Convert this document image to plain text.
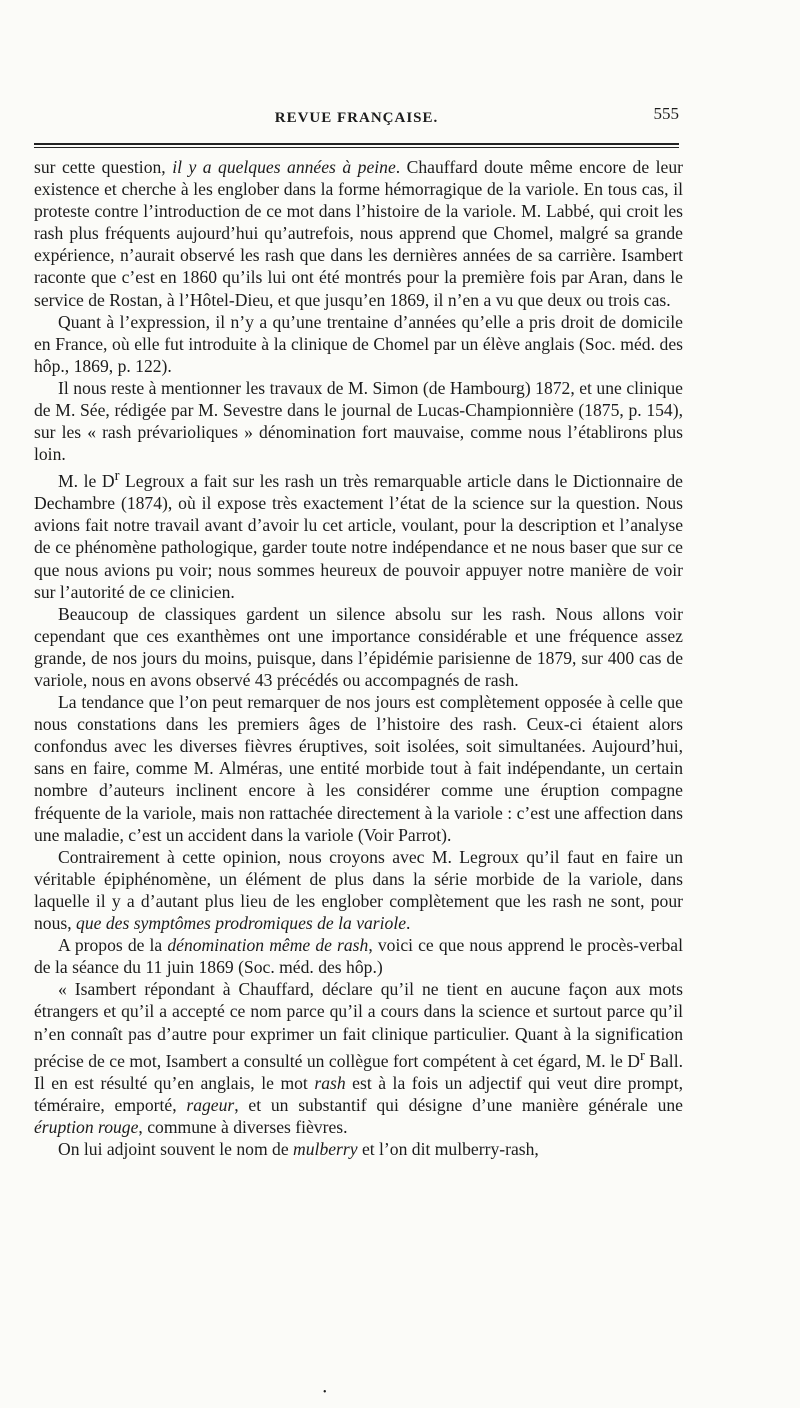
REVUE FRANÇAISE.	555

sur cette question, il y a quelques années à peine. Chauffard doute même encore de leur existence et cherche à les englober dans la forme hémorragique de la variole. En tous cas, il proteste contre l’introduction de ce mot dans l’histoire de la variole. M. Labbé, qui croit les rash plus fréquents aujourd’hui qu’autrefois, nous apprend que Chomel, malgré sa grande expérience, n’aurait observé les rash que dans les dernières années de sa carrière. Isambert raconte que c’est en 1860 qu’ils lui ont été montrés pour la première fois par Aran, dans le service de Rostan, à l’Hôtel-Dieu, et que jusqu’en 1869, il n’en a vu que deux ou trois cas.

Quant à l’expression, il n’y a qu’une trentaine d’années qu’elle a pris droit de domicile en France, où elle fut introduite à la clinique de Chomel par un élève anglais (Soc. méd. des hôp., 1869, p. 122).

Il nous reste à mentionner les travaux de M. Simon (de Hambourg) 1872, et une clinique de M. Sée, rédigée par M. Sevestre dans le journal de Lucas-Championnière (1875, p. 154), sur les « rash prévarioliques » dénomination fort mauvaise, comme nous l’établirons plus loin.

M. le $D^r$ Legroux a fait sur les rash un très remarquable article dans le Dictionnaire de Dechambre (1874), où il expose très exactement l’état de la science sur la question. Nous avions fait notre travail avant d’avoir lu cet article, voulant, pour la description et l’analyse de ce phénomène pathologique, garder toute notre indépendance et ne nous baser que sur ce que nous avions pu voir; nous sommes heureux de pouvoir appuyer notre manière de voir sur l’autorité de ce clinicien.

Beaucoup de classiques gardent un silence absolu sur les rash. Nous allons voir cependant que ces exanthèmes ont une importance considérable et une fréquence assez grande, de nos jours du moins, puisque, dans l’épidémie parisienne de 1879, sur 400 cas de variole, nous en avons observé 43 précédés ou accompagnés de rash.

La tendance que l’on peut remarquer de nos jours est complètement opposée à celle que nous constations dans les premiers âges de l’histoire des rash. Ceux-ci étaient alors confondus avec les diverses fièvres éruptives, soit isolées, soit simultanées. Aujourd’hui, sans en faire, comme M. Alméras, une entité morbide tout à fait indépendante, un certain nombre d’auteurs inclinent encore à les considérer comme une éruption compagne fréquente de la variole, mais non rattachée directement à la variole : c’est une affection dans une maladie, c’est un accident dans la variole (Voir Parrot).

Contrairement à cette opinion, nous croyons avec M. Legroux qu’il faut en faire un véritable épiphénomène, un élément de plus dans la série morbide de la variole, dans laquelle il y a d’autant plus lieu de les englober complètement que les rash ne sont, pour nous, que des symptômes prodromiques de la variole.

A propos de la dénomination même de rash, voici ce que nous apprend le procès-verbal de la séance du 11 juin 1869 (Soc. méd. des hôp.)

« Isambert répondant à Chauffard, déclare qu’il ne tient en aucune façon aux mots étrangers et qu’il a accepté ce nom parce qu’il a cours dans la science et surtout parce qu’il n’en connaît pas d’autre pour exprimer un fait clinique particulier. Quant à la signification précise de ce mot, Isambert a consulté un collègue fort compétent à cet égard, M. le $D^r$ Ball. Il en est résulté qu’en anglais, le mot rash est à la fois un adjectif qui veut dire prompt, téméraire, emporté, rageur, et un substantif qui désigne d’une manière générale une éruption rouge, commune à diverses fièvres.

On lui adjoint souvent le nom de mulberry et l’on dit mulberry-rash,

•
